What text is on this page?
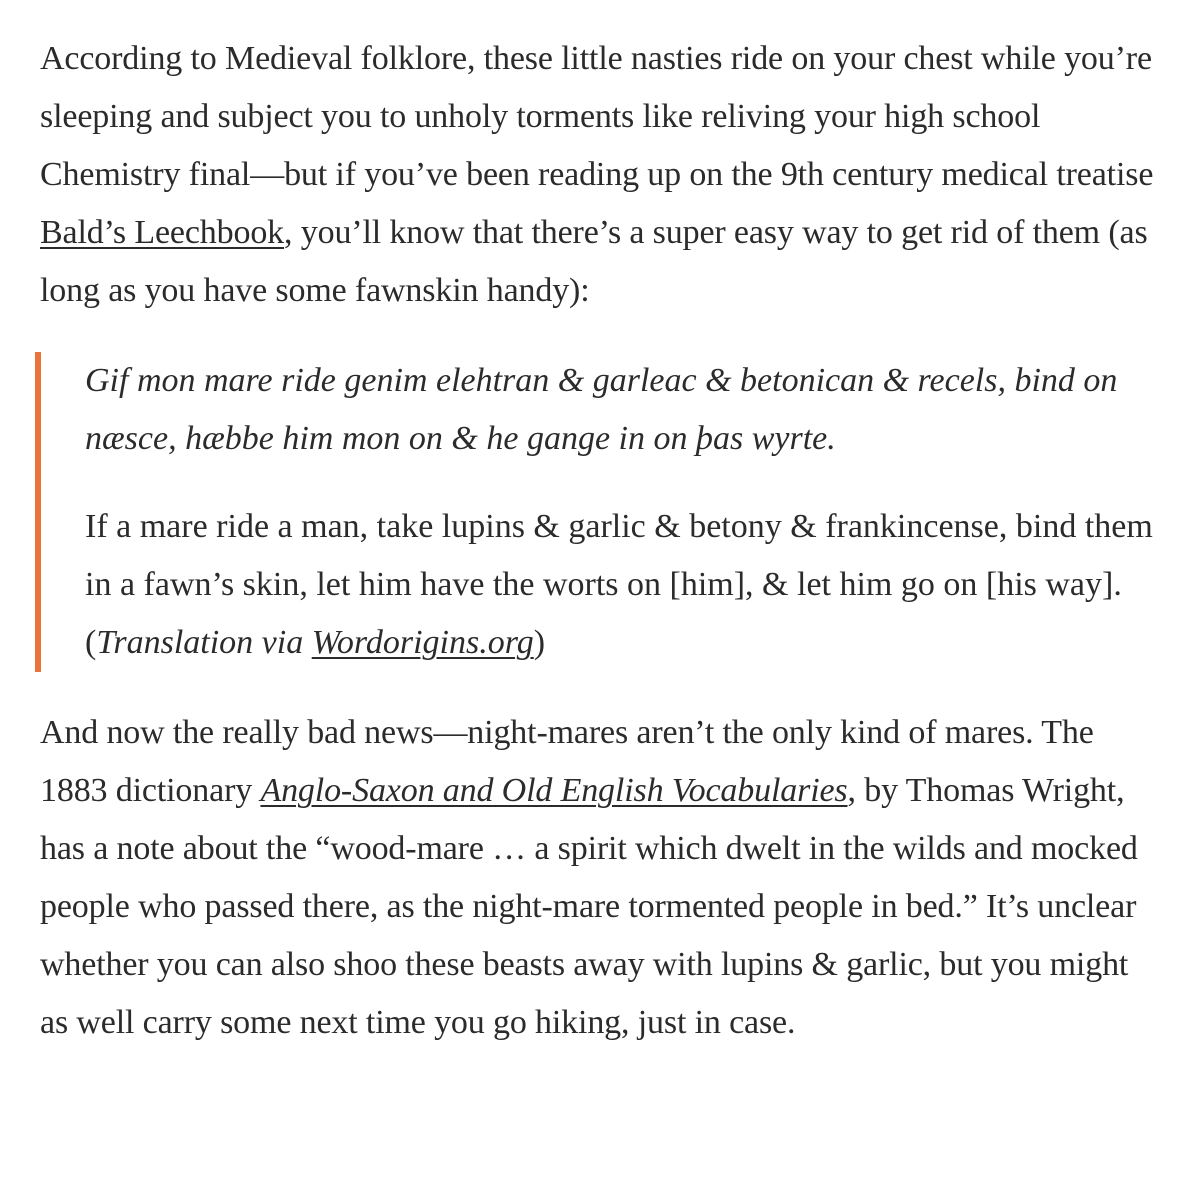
According to Medieval folklore, these little nasties ride on your chest while you’re sleeping and subject you to unholy torments like reliving your high school Chemistry final—but if you’ve been reading up on the 9th century medical treatise Bald’s Leechbook, you’ll know that there’s a super easy way to get rid of them (as long as you have some fawnskin handy):

Gif mon mare ride genim elehtran & garleac & betonican & recels, bind on næsce, hæbbe him mon on & he gange in on þas wyrte.

If a mare ride a man, take lupins & garlic & betony & frankincense, bind them in a fawn’s skin, let him have the worts on [him], & let him go on [his way]. (Translation via Wordorigins.org)

And now the really bad news—night-mares aren’t the only kind of mares. The 1883 dictionary Anglo-Saxon and Old English Vocabularies, by Thomas Wright, has a note about the “wood-mare … a spirit which dwelt in the wilds and mocked people who passed there, as the night-mare tormented people in bed.” It’s unclear whether you can also shoo these beasts away with lupins & garlic, but you might as well carry some next time you go hiking, just in case.
